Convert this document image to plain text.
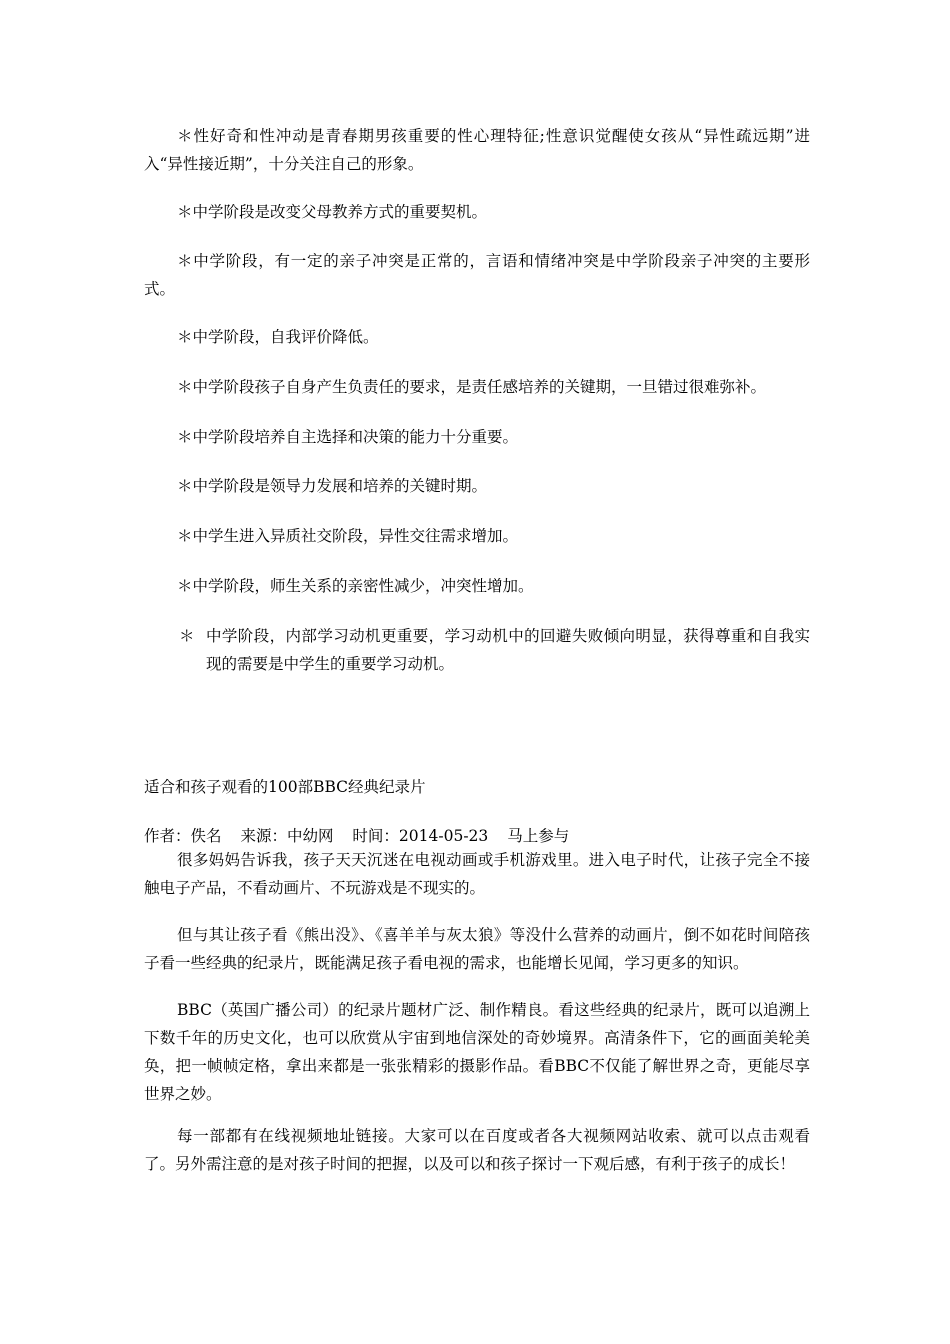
＊性好奇和性冲动是青春期男孩重要的性心理特征;性意识觉醒使女孩从“异性疏远期”进入“异性接近期”，十分关注自己的形象。

＊中学阶段是改变父母教养方式的重要契机。

＊中学阶段，有一定的亲子冲突是正常的，言语和情绪冲突是中学阶段亲子冲突的主要形式。

＊中学阶段，自我评价降低。

＊中学阶段孩子自身产生负责任的要求，是责任感培养的关键期，一旦错过很难弥补。

＊中学阶段培养自主选择和决策的能力十分重要。

＊中学阶段是领导力发展和培养的关键时期。

＊中学生进入异质社交阶段，异性交往需求增加。

＊中学阶段，师生关系的亲密性减少，冲突性增加。

＊ 中学阶段，内部学习动机更重要，学习动机中的回避失败倾向明显，获得尊重和自我实现的需要是中学生的重要学习动机。

适合和孩子观看的100部BBC经典纪录片

作者：佚名 来源：中幼网 时间：2014-05-23 马上参与

很多妈妈告诉我，孩子天天沉迷在电视动画或手机游戏里。进入电子时代，让孩子完全不接触电子产品，不看动画片、不玩游戏是不现实的。

但与其让孩子看《熊出没》、《喜羊羊与灰太狼》等没什么营养的动画片，倒不如花时间陪孩子看一些经典的纪录片，既能满足孩子看电视的需求，也能增长见闻，学习更多的知识。

BBC（英国广播公司）的纪录片题材广泛、制作精良。看这些经典的纪录片，既可以追溯上下数千年的历史文化，也可以欣赏从宇宙到地信深处的奇妙境界。高清条件下，它的画面美轮美奂，把一帧帧定格，拿出来都是一张张精彩的摄影作品。看BBC不仅能了解世界之奇，更能尽享世界之妙。

每一部都有在线视频地址链接。大家可以在百度或者各大视频网站收索、就可以点击观看了。另外需注意的是对孩子时间的把握，以及可以和孩子探讨一下观后感，有利于孩子的成长！
